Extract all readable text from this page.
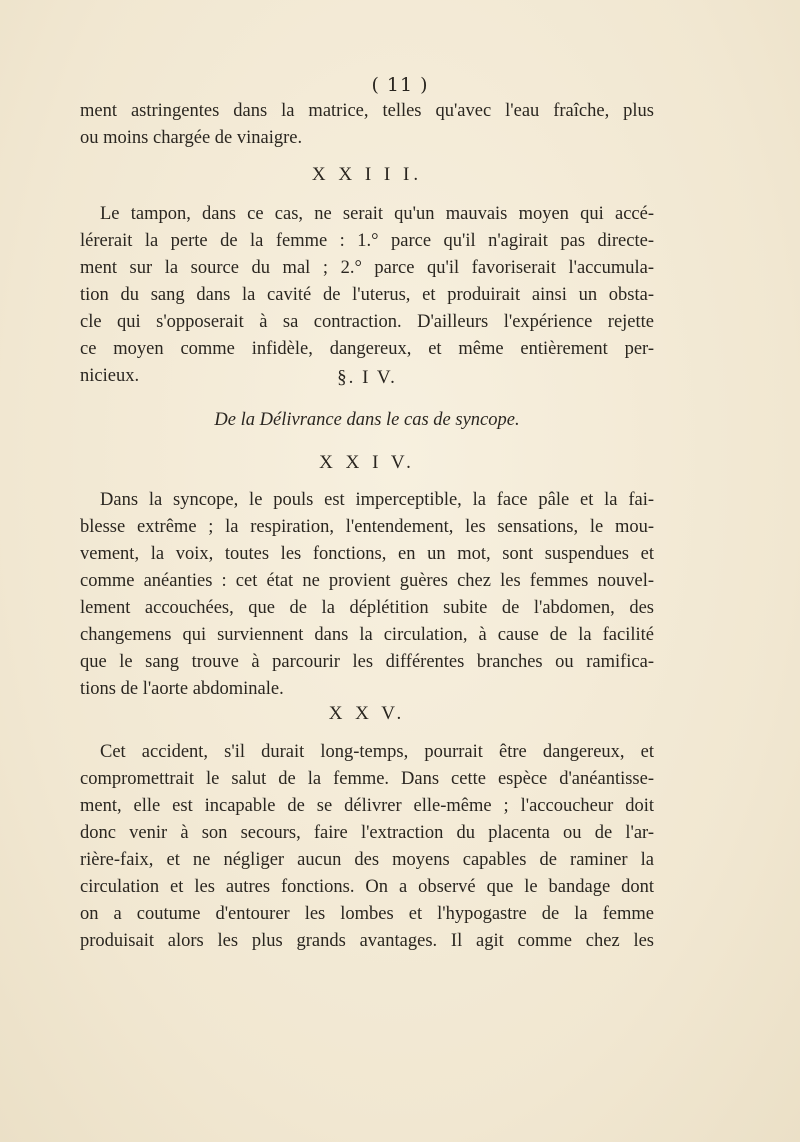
( 11 )
ment astringentes dans la matrice, telles qu'avec l'eau fraîche, plus
ou moins chargée de vinaigre.
X X I I I.
Le tampon, dans ce cas, ne serait qu'un mauvais moyen qui accé-
lérerait la perte de la femme : 1.° parce qu'il n'agirait pas directe-
ment sur la source du mal ; 2.° parce qu'il favoriserait l'accumula-
tion du sang dans la cavité de l'uterus, et produirait ainsi un obsta-
cle qui s'opposerait à sa contraction. D'ailleurs l'expérience rejette
ce moyen comme infidèle, dangereux, et même entièrement per-
nicieux.	§. I V.
De la Délivrance dans le cas de syncope.
X X I V.
Dans la syncope, le pouls est imperceptible, la face pâle et la fai-
blesse extrême ; la respiration, l'entendement, les sensations, le mou-
vement, la voix, toutes les fonctions, en un mot, sont suspendues et
comme anéanties : cet état ne provient guères chez les femmes nouvel-
lement accouchées, que de la déplétition subite de l'abdomen, des
changemens qui surviennent dans la circulation, à cause de la facilité
que le sang trouve à parcourir les différentes branches ou ramifica-
tions de l'aorte abdominale.
X X V.
Cet accident, s'il durait long-temps, pourrait être dangereux, et
compromettrait le salut de la femme. Dans cette espèce d'anéantisse-
ment, elle est incapable de se délivrer elle-même ; l'accoucheur doit
donc venir à son secours, faire l'extraction du placenta ou de l'ar-
rière-faix, et ne négliger aucun des moyens capables de raminer la
circulation et les autres fonctions. On a observé que le bandage dont
on a coutume d'entourer les lombes et l'hypogastre de la femme
produisait alors les plus grands avantages. Il agit comme chez les
